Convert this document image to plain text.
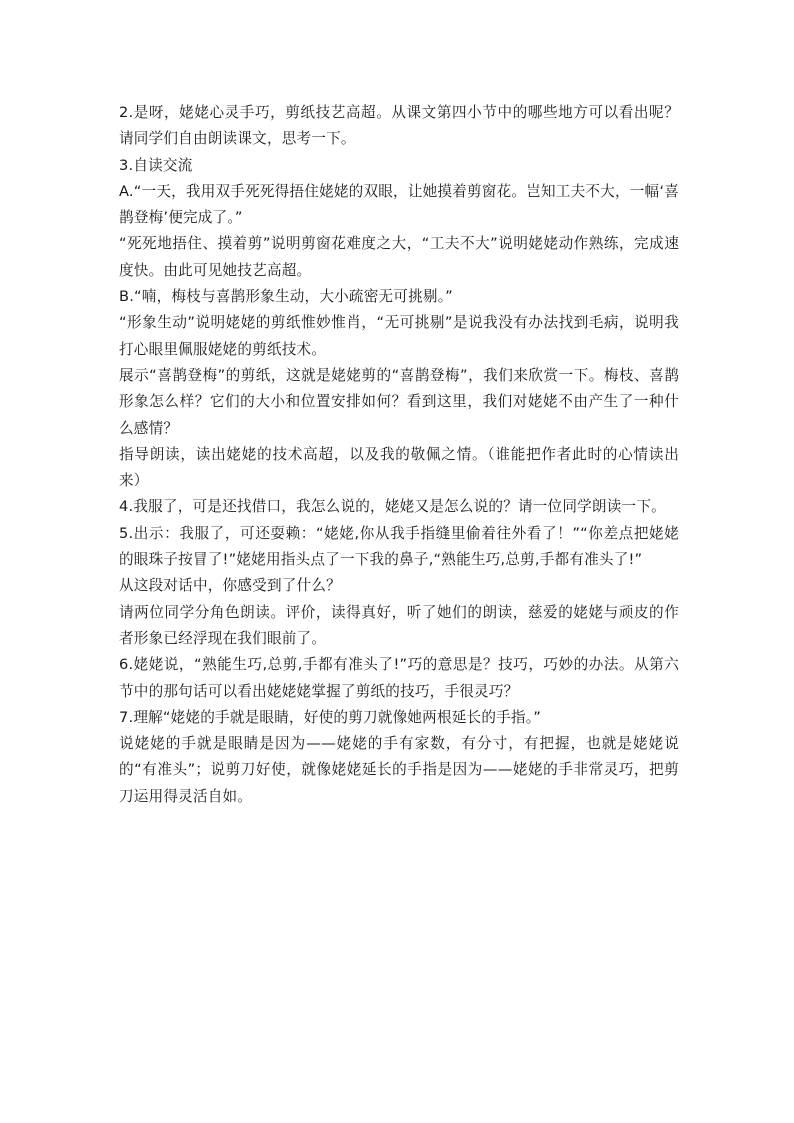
2.是呀，姥姥心灵手巧，剪纸技艺高超。从课文第四小节中的哪些地方可以看出呢？请同学们自由朗读课文，思考一下。

3.自读交流

A.“一天，我用双手死死得捂住姥姥的双眼，让她摸着剪窗花。岂知工夫不大，一幅‘喜鹊登梅’便完成了。”

“死死地捂住、摸着剪”说明剪窗花难度之大，“工夫不大”说明姥姥动作熟练，完成速度快。由此可见她技艺高超。

B.“喃，梅枝与喜鹊形象生动，大小疏密无可挑剔。”

“形象生动”说明姥姥的剪纸惟妙惟肖，“无可挑剔”是说我没有办法找到毛病，说明我打心眼里佩服姥姥的剪纸技术。

展示“喜鹊登梅”的剪纸，这就是姥姥剪的“喜鹊登梅”，我们来欣赏一下。梅枝、喜鹊形象怎么样？它们的大小和位置安排如何？看到这里，我们对姥姥不由产生了一种什么感情？

指导朗读，读出姥姥的技术高超，以及我的敬佩之情。（谁能把作者此时的心情读出来）

4.我服了，可是还找借口，我怎么说的，姥姥又是怎么说的？请一位同学朗读一下。

5.出示：我服了，可还耍赖：“姥姥,你从我手指缝里偷着往外看了！”“你差点把姥姥的眼珠子按冒了!”姥姥用指头点了一下我的鼻子,“熟能生巧,总剪,手都有准头了!”

从这段对话中，你感受到了什么？

请两位同学分角色朗读。评价，读得真好，听了她们的朗读，慈爱的姥姥与顽皮的作者形象已经浮现在我们眼前了。

6.姥姥说，“熟能生巧,总剪,手都有准头了!”巧的意思是？技巧，巧妙的办法。从第六节中的那句话可以看出姥姥姥掌握了剪纸的技巧，手很灵巧？

7.理解“姥姥的手就是眼睛，好使的剪刀就像她两根延长的手指。”

说姥姥的手就是眼睛是因为——姥姥的手有家数，有分寸，有把握，也就是姥姥说的“有准头”；说剪刀好使，就像姥姥延长的手指是因为——姥姥的手非常灵巧，把剪刀运用得灵活自如。
